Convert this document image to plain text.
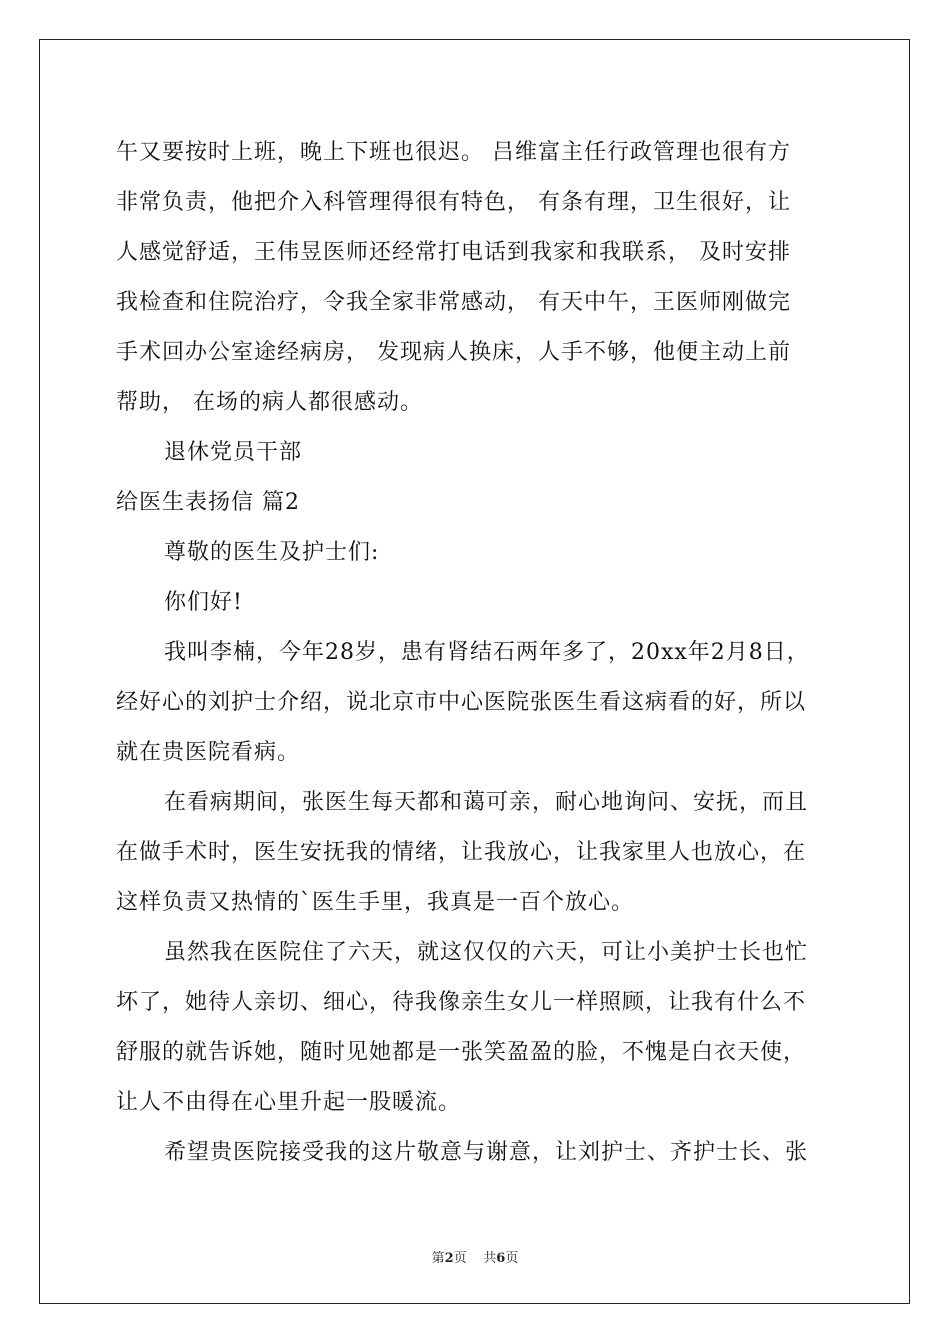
午又要按时上班，晚上下班也很迟。 吕维富主任行政管理也很有方
非常负责，他把介入科管理得很有特色， 有条有理，卫生很好，让
人感觉舒适，王伟昱医师还经常打电话到我家和我联系， 及时安排
我检查和住院治疗，令我全家非常感动， 有天中午，王医师刚做完
手术回办公室途经病房， 发现病人换床，人手不够，他便主动上前
帮助， 在场的病人都很感动。
退休党员干部
给医生表扬信 篇2
尊敬的医生及护士们:
你们好!
我叫李楠，今年28岁，患有肾结石两年多了，20xx年2月8日，
经好心的刘护士介绍，说北京市中心医院张医生看这病看的好，所以
就在贵医院看病。
在看病期间，张医生每天都和蔼可亲，耐心地询问、安抚，而且
在做手术时，医生安抚我的情绪，让我放心，让我家里人也放心，在
这样负责又热情的`医生手里，我真是一百个放心。
虽然我在医院住了六天，就这仅仅的六天，可让小美护士长也忙
坏了，她待人亲切、细心，待我像亲生女儿一样照顾，让我有什么不
舒服的就告诉她，随时见她都是一张笑盈盈的脸，不愧是白衣天使，
让人不由得在心里升起一股暖流。
希望贵医院接受我的这片敬意与谢意，让刘护士、齐护士长、张
第2页 共6页
